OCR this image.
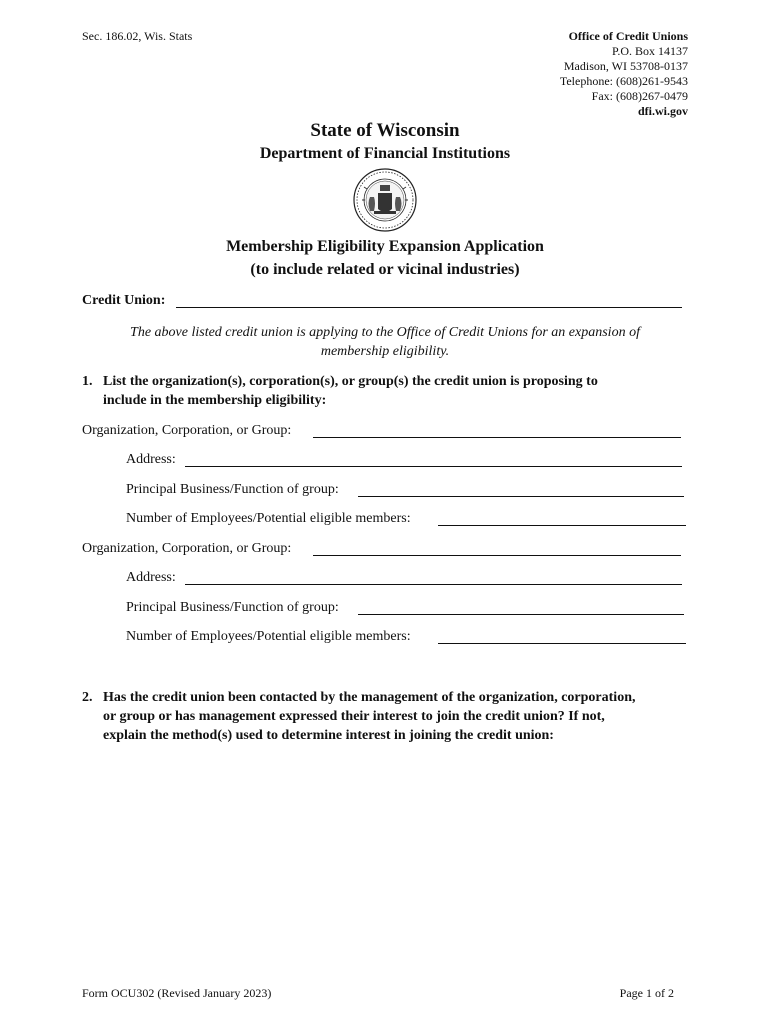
Sec. 186.02, Wis. Stats	Office of Credit Unions
P.O. Box 14137
Madison, WI 53708-0137
Telephone: (608)261-9543
Fax: (608)267-0479
dfi.wi.gov
State of Wisconsin
Department of Financial Institutions
Membership Eligibility Expansion Application
(to include related or vicinal industries)
Credit Union:
The above listed credit union is applying to the Office of Credit Unions for an expansion of membership eligibility.
1. List the organization(s), corporation(s), or group(s) the credit union is proposing to
include in the membership eligibility:
Organization, Corporation, or Group:
Address:
Principal Business/Function of group:
Number of Employees/Potential eligible members:
Organization, Corporation, or Group:
Address:
Principal Business/Function of group:
Number of Employees/Potential eligible members:
2. Has the credit union been contacted by the management of the organization, corporation,
or group or has management expressed their interest to join the credit union? If not,
explain the method(s) used to determine interest in joining the credit union:
Form OCU302 (Revised January 2023)	Page 1 of 2
